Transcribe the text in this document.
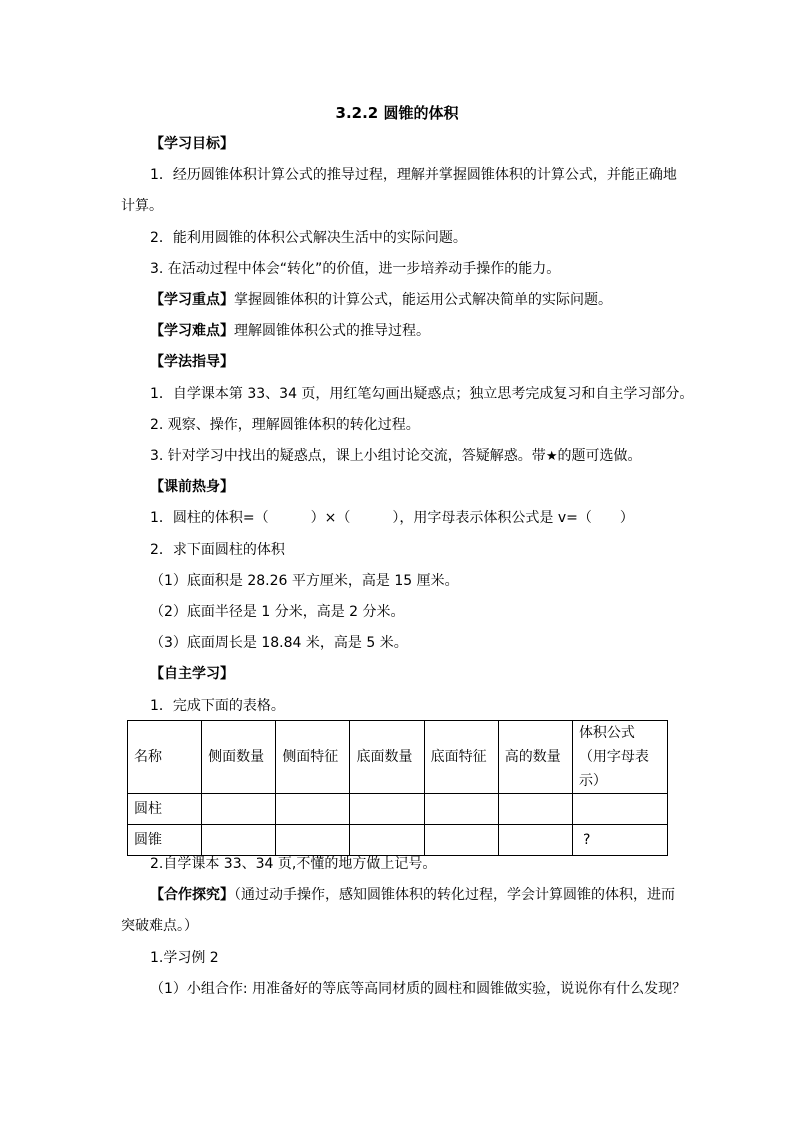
3.2.2 圆锥的体积
【学习目标】
1．经历圆锥体积计算公式的推导过程，理解并掌握圆锥体积的计算公式，并能正确地
计算。
2．能利用圆锥的体积公式解决生活中的实际问题。
3. 在活动过程中体会“转化”的价值，进一步培养动手操作的能力。
【学习重点】掌握圆锥体积的计算公式，能运用公式解决简单的实际问题。
【学习难点】理解圆锥体积公式的推导过程。
【学法指导】
1．自学课本第 33、34 页，用红笔勾画出疑惑点；独立思考完成复习和自主学习部分。
2. 观察、操作，理解圆锥体积的转化过程。
3. 针对学习中找出的疑惑点，课上小组讨论交流，答疑解惑。带★的题可选做。
【课前热身】
1．圆柱的体积=（　　　）×（　　　），用字母表示体积公式是 v=（　　）
2．求下面圆柱的体积
（1）底面积是 28.26 平方厘米，高是 15 厘米。
（2）底面半径是 1 分米，高是 2 分米。
（3）底面周长是 18.84 米，高是 5 米。
【自主学习】
1．完成下面的表格。
名称	侧面数量	侧面特征	底面数量	底面特征	高的数量	体积公式（用字母表示）
圆柱						
圆锥						?
2.自学课本 33、34 页,不懂的地方做上记号。
【合作探究】（通过动手操作，感知圆锥体积的转化过程，学会计算圆锥的体积，进而
突破难点。）
1.学习例 2
（1）小组合作: 用准备好的等底等高同材质的圆柱和圆锥做实验，说说你有什么发现？
